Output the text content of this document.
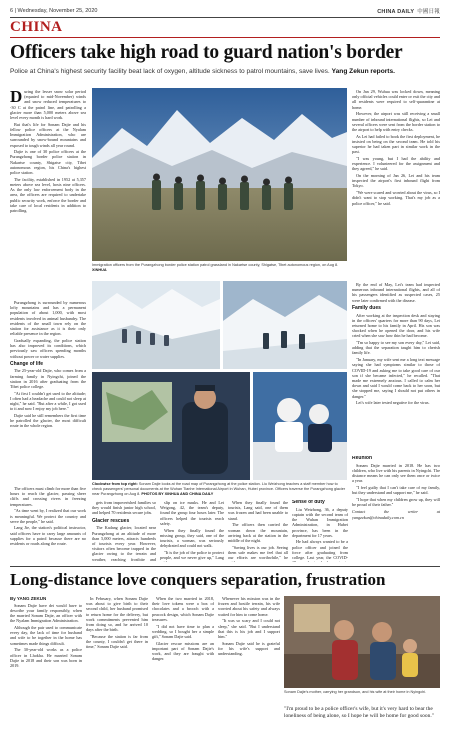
6 | Wednesday, November 25, 2020	CHINA DAILY 中國日報
CHINA
Officers take high road to guard nation's border
Police at China's highest security facility beat lack of oxygen, altitude sickness to patrol mountains, save lives. Yang Zekun reports.

During the lesser snow solar period (equated to mid-November) winds and snow reduced temperatures to -30 C at the patrol line, and patrolling a glacier more than 5,000 meters above sea level every month is hard work.

But that's life for Sonam Dajie and his fellow police officers at the Nyalam Immigration Administration, who are surrounded by snow-bound mountains and exposed to tough winds all year round.

Dajie is one of 30 police officers at the Purangzhong border police station in Nakartse county, Shigatse city, Tibet autonomous region, his China's highest police station.

The facility, established in 1952 at 5,357 meters above sea level, hosts nine officers. As the only law enforcement body in the area, the officers are required to undertake public security work, enforce the border and take care of local residents in addition to patrolling.

Immigration officers from the Purangzhong border police station patrol grassland in Nakartse county, Shigatse, Tibet autonomous region, on Aug 8. XINHUA

Purangzhong is surrounded by numerous lofty mountains and has a permanent population of about 1,000, with most residents involved in animal husbandry. The residents of the small town rely on the station for assistance as it is their only reliable presence in the region.

Gradually expanding, the police station has also improved its conditions, which previously saw officers spending months without power or water supplies.

Change of life

The 25-year-old Dajie, who comes from a farming family in Nyingchi, joined the station in 2016 after graduating from the Tibet police college.

"At first I couldn't get used to the altitude; I often had a headache and could not sleep at night," he said. "But after a while, I got used to it and now I enjoy my job here."

Dajie said he still remembers the first time he patrolled the glacier, the most difficult route in the whole region.

The officers must climb for more than five hours to reach the glacier, passing sheer cliffs and crossing rivers in freezing temperatures.

"As time went by, I realized that our work is meaningful. We protect the country and serve the people," he said.

Lang Jie, the station's political instructor, said officers have to carry large amounts of supplies for a patrol because there are no residents or roads along the route.

On Jan 29, Wuhua was locked down, meaning only official vehicles could enter or exit the city and all residents were required to self-quarantine at home.

However, the airport was still receiving a small number of inbound international flights, so Lei and several officers were sent from the border station to the airport to help with entry checks.

As Lei had failed to book the first deployment, he insisted on being on the second team. He told his superior he had taken part in similar work in the past.

"I was young, but I had the ability and experience. I volunteered for the assignment and they agreed," he said.

On the morning of Jan 26, Lei and his team inspected the airport's first inbound flight from Tokyo.

"We were scared and worried about the virus, so I didn't want to stop working. That's my job as a police officer," he said.

By the end of May, Lei's team had inspected numerous inbound international flights, and all of his passengers identified as suspected cases, 25 were later confirmed with the disease.

Family dues

After working at the inspection desk and staying in the officers' quarters for more than 90 days, Lei returned home to his family in April. His son was shocked when he opened the door, and his wife cried when she saw how thin he had become.

"I'm so happy to see my son every day," Lei said, adding that the separation taught him to cherish family life.

"In January, my wife sent me a long text message saying she had symptoms similar to those of COVID-19 and asking me to take good care of our son if she became infected," he recalled. "That made me extremely anxious. I called to calm her down and said I would come back to her soon, but she stopped me, saying I should not put others in danger."

Lei's wife later tested negative for the virus.

Clockwise from top right: Sonam Dajie looks at the road map of Purangzhong at the police station. Liu Weizhong teaches a staff member how to check passengers' personal documents at the Wuhan Tianhe International Airport in Wuhan, Hubei province. Officers traverse the Purangzhong glacier near Purangzhong on Aug 8. PHOTOS BY XINHUA AND CHINA DAILY

gets from impoverished families so they would finish junior high school, and helped 70 residents secure jobs.

Glacier rescues

The Kadang glacier, located near Purangzhong at an altitude of more than 5,000 meters, attracts hundreds of tourists every year. However, visitors often become trapped in the glacier owing to the terrain and weather, reaching frostbite and

slip on ice masks. He and Lei Weigong, 42, the team's deputy, found the group four hours later. The officers helped the tourists reach safety.

When they finally found the missing group, they said, one of the tourists, a woman, was seriously dehydrated and could not walk.

"It is the job of the police to protect people, and we never give up," Lang

When they finally found the tourists, Lang said, one of them was frozen and had been unable to stand.

The officers then carried the woman down the mountain, arriving back at the station in the middle of the night.

"Saving lives is our job. Seeing them safe makes me feel that all our efforts are worthwhile," he

Sense of duty

Liu Weizhong, 36, a deputy captain with the second team of the Wuhan Immigration Administration, in Hubei province, has been in the department for 17 years.

He had always wanted to be a police officer and joined the force after graduating from college. Last year, the COVID-

Reunion

Sonam Dajie married in 2018. He has two children, who live with his parents in Nyingchi. The distance means he can only see them once or twice a year.

"I feel guilty that I can't take care of my family, but they understand and support me," he said.

"I hope that when my children grow up, they will be proud of their father."

Contact the writer at yangzekun@chinadaily.com.cn

Long-distance love conquers separation, frustration

By YANG ZEKUN

Sonam Dajie have dei would have to describe your family responsibly, when the married Sonam Dajie, an officer with the Nyalam Immigration Administration.

Although the pair used to communicate every day, the lack of time for husband and wife to be together in the home has sometimes made things difficult.

The 30-year-old works as a police officer in Lhokha. He married Sonam Dajie in 2018 and their son was born in 2019.

In February, when Sonam Dajie was about to give birth to their second child, her husband promised to return home for the delivery, but work commitments prevented him from doing so, and he arrived 10 days after the birth.

"Because the station is far from the county, I couldn't get there in time," Sonam Dajie said.

When the two married in 2018, their love tokens were a box of chocolates and a brooch with a peacock design, which Sonam Dajie treasures.

"I did not have time to plan a wedding, so I bought her a simple gift," Sonam Dajie said.

Glacier rescue missions are an important part of Sonam Dajie's work, and they are fraught with danger.

Whenever his mission was in the frozen and hostile terrain, his wife worried about his safety and always waited for him to come home.

"It was so scary and I could not sleep," she said. "But I understand that this is his job and I support him."

Sonam Dajie said he is grateful for his wife's support and understanding.

Sonam Dajie's mother, carrying her grandson, and his wife at their home in Nyingchi.
"I'm proud to be a police officer's wife, but it's very hard to bear the loneliness of being alone, so I hope he will be home for good soon."
